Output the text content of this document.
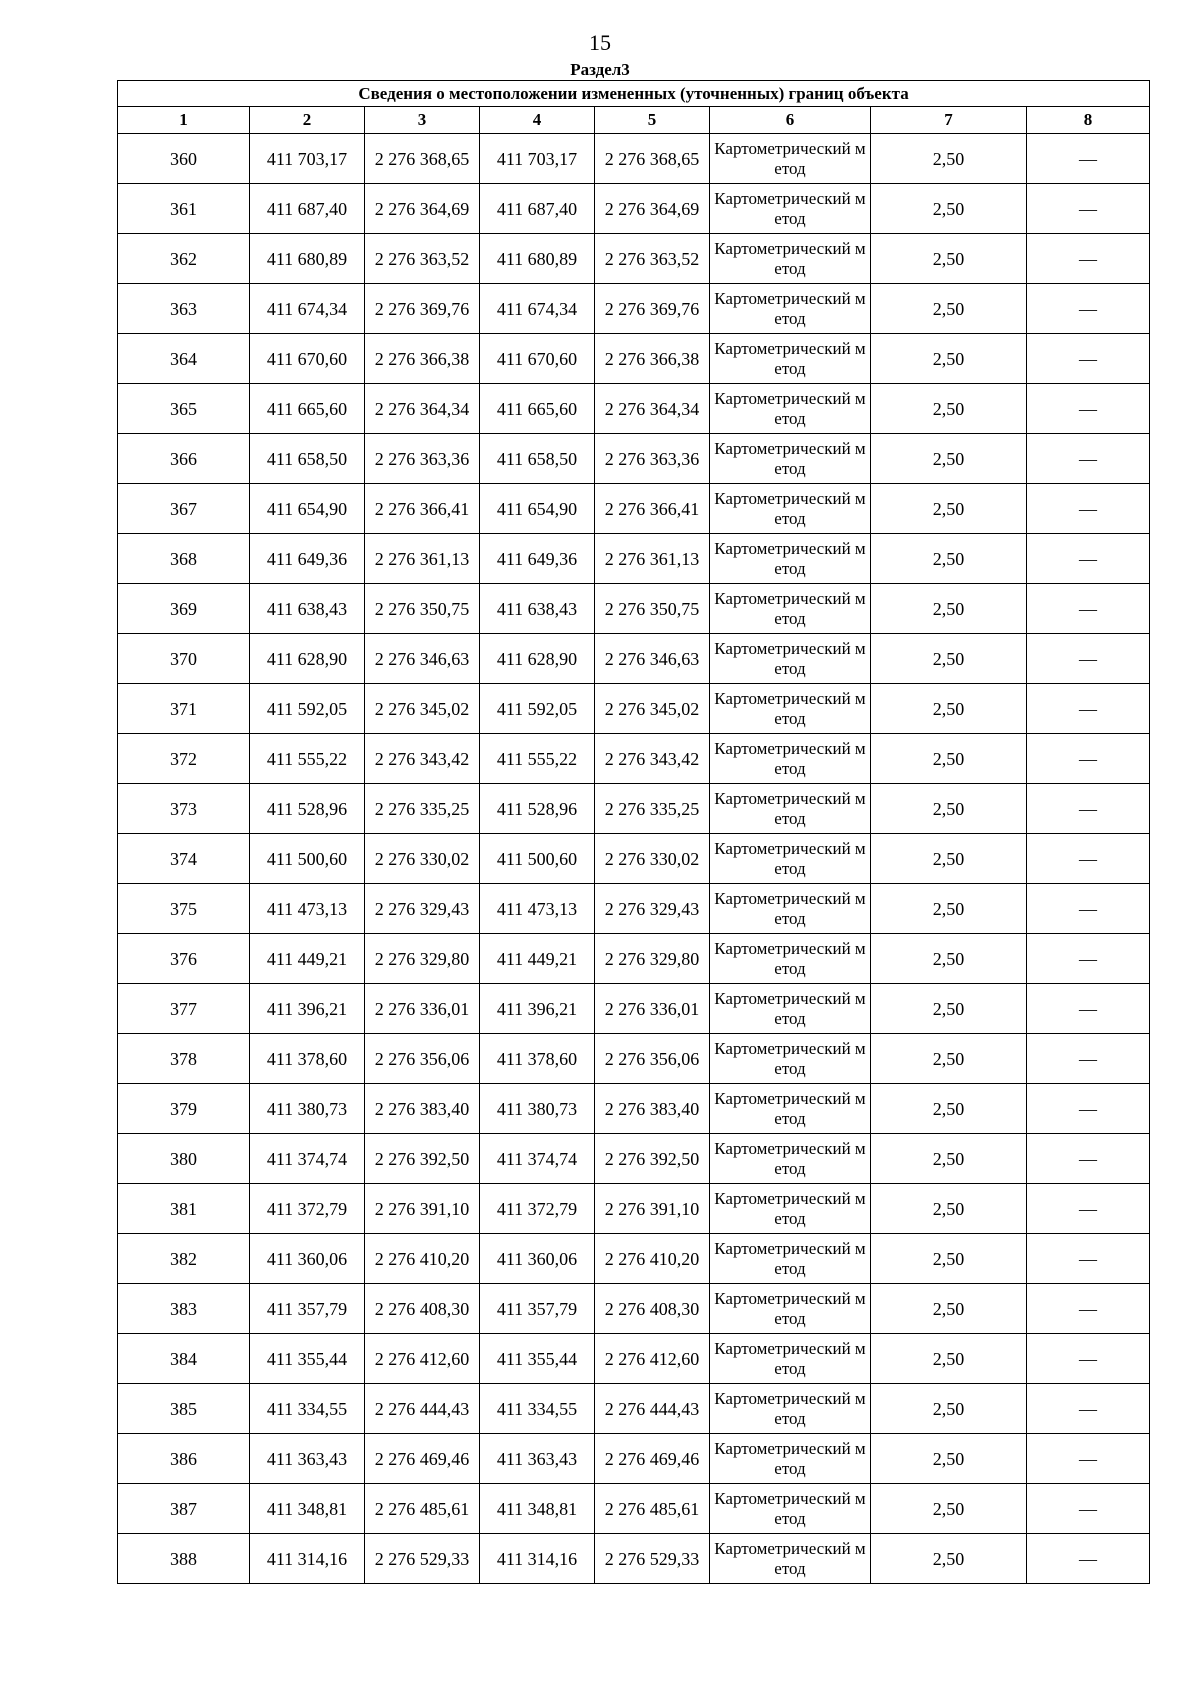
15
Раздел3
Сведения о местоположении измененных (уточненных) границ объекта							
1	2	3	4	5	6	7	8
360	411 703,17	2 276 368,65	411 703,17	2 276 368,65	Картометрический метод	2,50	—
361	411 687,40	2 276 364,69	411 687,40	2 276 364,69	Картометрический метод	2,50	—
362	411 680,89	2 276 363,52	411 680,89	2 276 363,52	Картометрический метод	2,50	—
363	411 674,34	2 276 369,76	411 674,34	2 276 369,76	Картометрический метод	2,50	—
364	411 670,60	2 276 366,38	411 670,60	2 276 366,38	Картометрический метод	2,50	—
365	411 665,60	2 276 364,34	411 665,60	2 276 364,34	Картометрический метод	2,50	—
366	411 658,50	2 276 363,36	411 658,50	2 276 363,36	Картометрический метод	2,50	—
367	411 654,90	2 276 366,41	411 654,90	2 276 366,41	Картометрический метод	2,50	—
368	411 649,36	2 276 361,13	411 649,36	2 276 361,13	Картометрический метод	2,50	—
369	411 638,43	2 276 350,75	411 638,43	2 276 350,75	Картометрический метод	2,50	—
370	411 628,90	2 276 346,63	411 628,90	2 276 346,63	Картометрический метод	2,50	—
371	411 592,05	2 276 345,02	411 592,05	2 276 345,02	Картометрический метод	2,50	—
372	411 555,22	2 276 343,42	411 555,22	2 276 343,42	Картометрический метод	2,50	—
373	411 528,96	2 276 335,25	411 528,96	2 276 335,25	Картометрический метод	2,50	—
374	411 500,60	2 276 330,02	411 500,60	2 276 330,02	Картометрический метод	2,50	—
375	411 473,13	2 276 329,43	411 473,13	2 276 329,43	Картометрический метод	2,50	—
376	411 449,21	2 276 329,80	411 449,21	2 276 329,80	Картометрический метод	2,50	—
377	411 396,21	2 276 336,01	411 396,21	2 276 336,01	Картометрический метод	2,50	—
378	411 378,60	2 276 356,06	411 378,60	2 276 356,06	Картометрический метод	2,50	—
379	411 380,73	2 276 383,40	411 380,73	2 276 383,40	Картометрический метод	2,50	—
380	411 374,74	2 276 392,50	411 374,74	2 276 392,50	Картометрический метод	2,50	—
381	411 372,79	2 276 391,10	411 372,79	2 276 391,10	Картометрический метод	2,50	—
382	411 360,06	2 276 410,20	411 360,06	2 276 410,20	Картометрический метод	2,50	—
383	411 357,79	2 276 408,30	411 357,79	2 276 408,30	Картометрический метод	2,50	—
384	411 355,44	2 276 412,60	411 355,44	2 276 412,60	Картометрический метод	2,50	—
385	411 334,55	2 276 444,43	411 334,55	2 276 444,43	Картометрический метод	2,50	—
386	411 363,43	2 276 469,46	411 363,43	2 276 469,46	Картометрический метод	2,50	—
387	411 348,81	2 276 485,61	411 348,81	2 276 485,61	Картометрический метод	2,50	—
388	411 314,16	2 276 529,33	411 314,16	2 276 529,33	Картометрический метод	2,50	—
